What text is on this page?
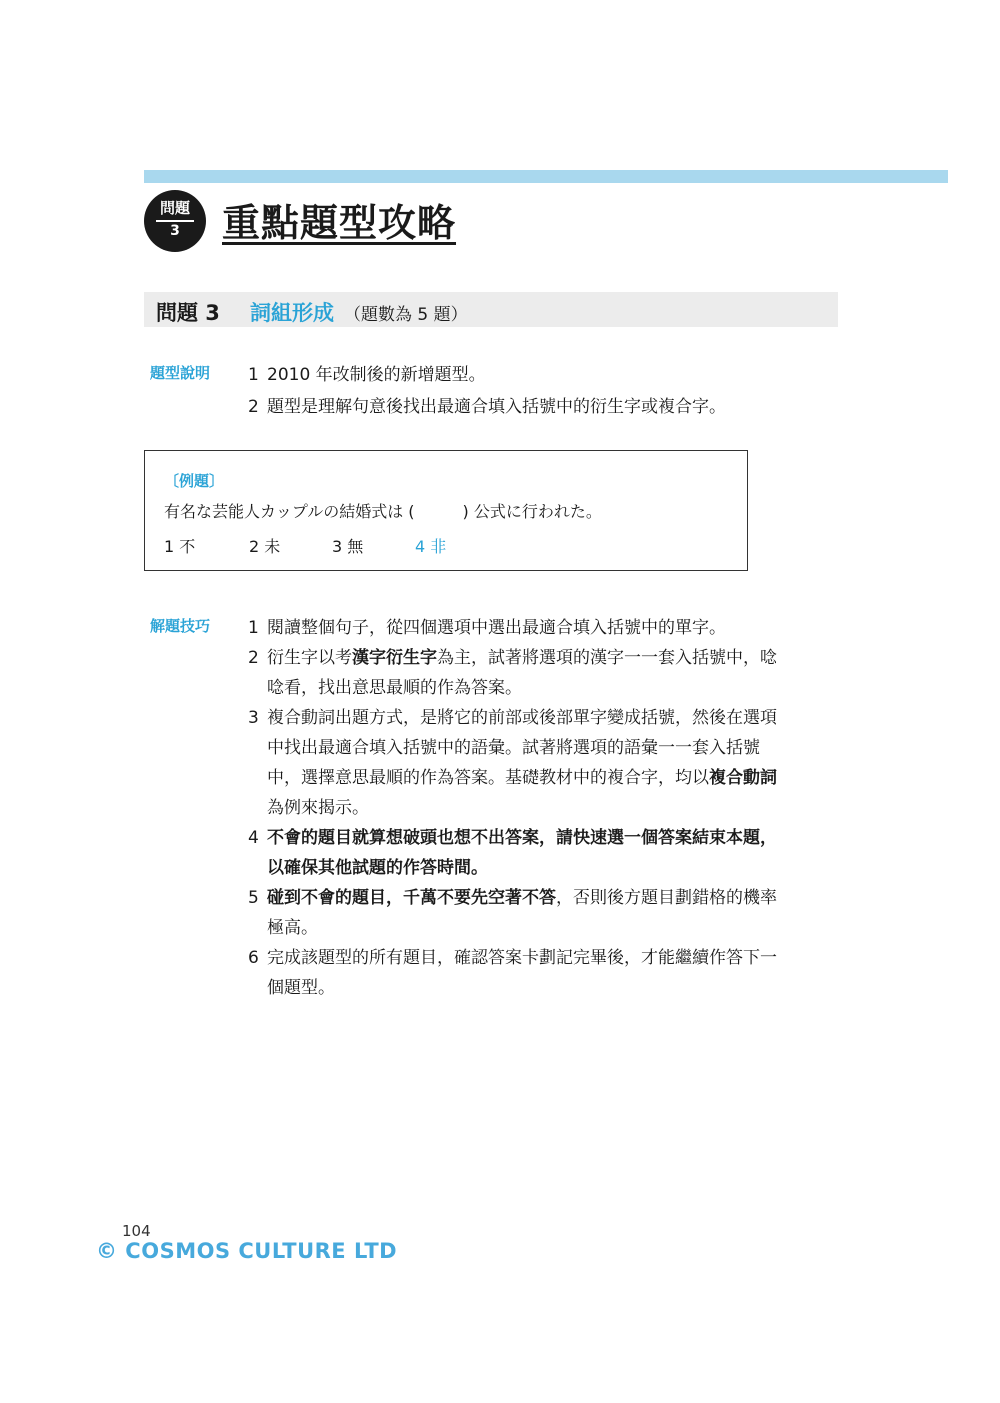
問題
3	重點題型攻略
問題 3 詞組形成 （題數為 5 題）
題型說明 1 2010 年改制後的新增題型。
2 題型是理解句意後找出最適合填入括號中的衍生字或複合字。
〔例題〕
有名な芸能人カップルの結婚式は (	) 公式に行われた。
1 不	2 未	3 無	4 非
解題技巧 1 閱讀整個句子，從四個選項中選出最適合填入括號中的單字。
2 衍生字以考漢字衍生字為主，試著將選項的漢字一一套入括號中，唸
唸看，找出意思最順的作為答案。
3 複合動詞出題方式，是將它的前部或後部單字變成括號，然後在選項
中找出最適合填入括號中的語彙。試著將選項的語彙一一套入括號
中，選擇意思最順的作為答案。基礎教材中的複合字，均以複合動詞
為例來揭示。
4 不會的題目就算想破頭也想不出答案，請快速選一個答案結束本題，
以確保其他試題的作答時間。
5 碰到不會的題目，千萬不要先空著不答，否則後方題目劃錯格的機率
極高。
6 完成該題型的所有題目，確認答案卡劃記完畢後，才能繼續作答下一
個題型。
104
© COSMOS CULTURE LTD
